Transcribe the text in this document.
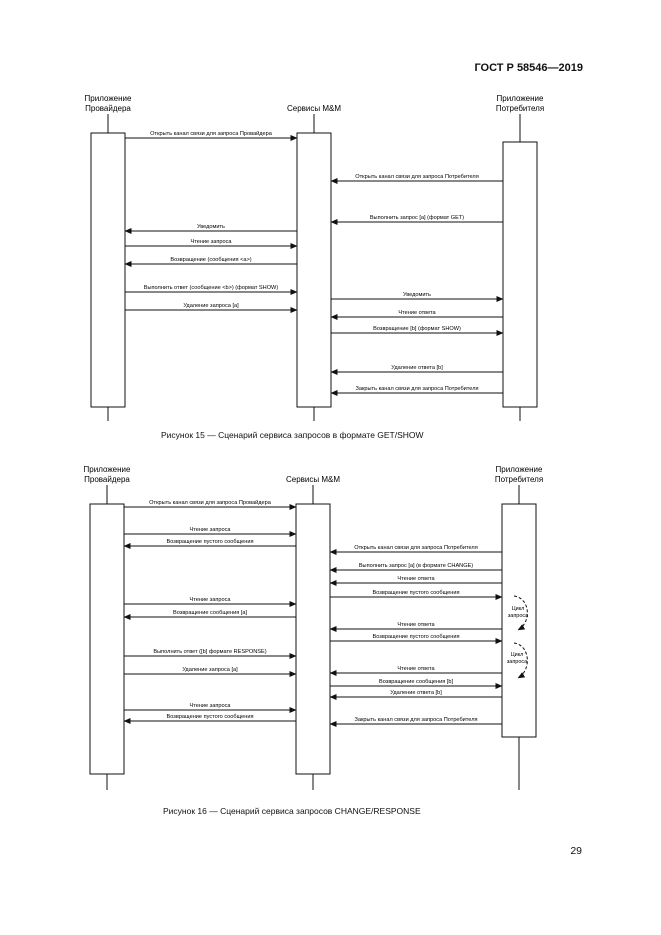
ГОСТ Р 58546—2019
Приложение
Провайдера	Сервисы M&M
Приложение
Потребителя
Открыть канал связи для запроса Провайдера
Открыть канал связи для запроса Потребителя
Выполнить запрос [a] (формат GET)
Уведомить
Чтение запроса
Возвращение (сообщения <a>)
Выполнить ответ (сообщение <b>) (формат SHOW)
Удаление запроса [a]
Уведомить
Чтение ответа
Возвращение [b] (формат SHOW)
Удаление ответа [b]
Закрыть канал связи для запроса Потребителя
Приложение
Провайдера	Сервисы M&M
Приложение
Потребителя
Открыть канал связи для запроса Провайдера
Чтение запроса
Возвращение пустого сообщения
Открыть канал связи для запроса Потребителя
Выполнить запрос [a] (в формате CHANGE)
Чтение ответа
Возвращение пустого сообщения
Чтение запроса
Возвращение сообщения [a]
Чтение ответа
Возвращение пустого сообщения
Выполнить ответ ([b] формате RESPONSE)
Удаление запроса [a]	Чтение ответа
Возвращение сообщения [b]
Удаление ответа [b]
Чтение запроса
Возвращение пустого сообщения	Закрыть канал связи для запроса Потребителя
Цикл
запроса
Цикл
запроса
Рисунок 15 — Сценарий сервиса запросов в формате GET/SHOW
Рисунок 16 — Сценарий сервиса запросов CHANGE/RESPONSE
29
